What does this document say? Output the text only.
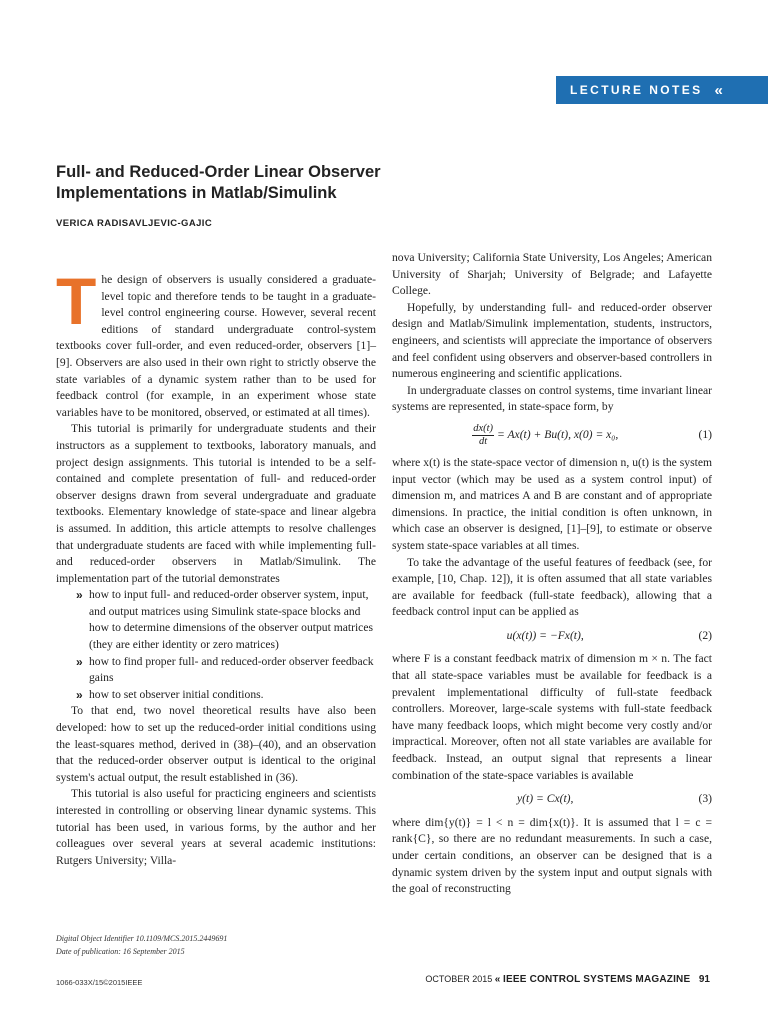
LECTURE NOTES «
Full- and Reduced-Order Linear Observer Implementations in Matlab/Simulink
VERICA RADISAVLJEVIC-GAJIC

The design of observers is usually considered a graduate-level topic and therefore tends to be taught in a graduate-level control engineering course. However, several recent editions of standard undergraduate control-system textbooks cover full-order, and even reduced-order, observers [1]–[9]. Observers are also used in their own right to strictly observe the state variables of a dynamic system rather than to be used for feedback control (for example, in an experiment whose state variables have to be monitored, observed, or estimated at all times).

This tutorial is primarily for undergraduate students and their instructors as a supplement to textbooks, laboratory manuals, and project design assignments. This tutorial is intended to be a self-contained and complete presentation of full- and reduced-order observer designs drawn from several undergraduate and graduate textbooks. Elementary knowledge of state-space and linear algebra is assumed. In addition, this article attempts to resolve challenges that undergraduate students are faced with while implementing full- and reduced-order observers in Matlab/Simulink. The implementation part of the tutorial demonstrates

» how to input full- and reduced-order observer system, input, and output matrices using Simulink state-space blocks and how to determine dimensions of the observer output matrices (they are either identity or zero matrices)
» how to find proper full- and reduced-order observer feedback gains
» how to set observer initial conditions.

To that end, two novel theoretical results have also been developed: how to set up the reduced-order initial conditions using the least-squares method, derived in (38)–(40), and an observation that the reduced-order observer output is identical to the original system's actual output, the result established in (36).

This tutorial is also useful for practicing engineers and scientists interested in controlling or observing linear dynamic systems. This tutorial has been used, in various forms, by the author and her colleagues over several years at several academic institutions: Rutgers University; Villa-

nova University; California State University, Los Angeles; American University of Sharjah; University of Belgrade; and Lafayette College.

Hopefully, by understanding full- and reduced-order observer design and Matlab/Simulink implementation, students, instructors, engineers, and scientists will appreciate the importance of observers and feel confident using observers and observer-based controllers in numerous engineering and scientific applications.

In undergraduate classes on control systems, time invariant linear systems are represented, in state-space form, by

$\frac{dx(t)}{dt} = Ax(t) + Bu(t)$, x(0) = x₀,	(1)

where x(t) is the state-space vector of dimension n, u(t) is the system input vector (which may be used as a system control input) of dimension m, and matrices A and B are constant and of appropriate dimensions. In practice, the initial condition is often unknown, in which case an observer is designed, [1]–[9], to estimate or observe system state-space variables at all times.

To take the advantage of the useful features of feedback (see, for example, [10, Chap. 12]), it is often assumed that all state variables are available for feedback (full-state feedback), allowing that a feedback control input can be applied as

u(x(t)) = −Fx(t),	(2)

where F is a constant feedback matrix of dimension m × n. The fact that all state-space variables must be available for feedback is a prevalent implementational difficulty of full-state feedback controllers. Moreover, large-scale systems with full-state feedback have many feedback loops, which might become very costly and/or impractical. Moreover, often not all state variables are available for feedback. Instead, an output signal that represents a linear combination of the state-space variables is available

y(t) = Cx(t),	(3)

where dim{y(t)} = l < n = dim{x(t)}. It is assumed that l = c = rank{C}, so there are no redundant measurements. In such a case, under certain conditions, an observer can be designed that is a dynamic system driven by the system input and output signals with the goal of reconstructing

Digital Object Identifier 10.1109/MCS.2015.2449691
Date of publication: 16 September 2015
1066-033X/15©2015IEEE	OCTOBER 2015 « IEEE CONTROL SYSTEMS MAGAZINE 91
